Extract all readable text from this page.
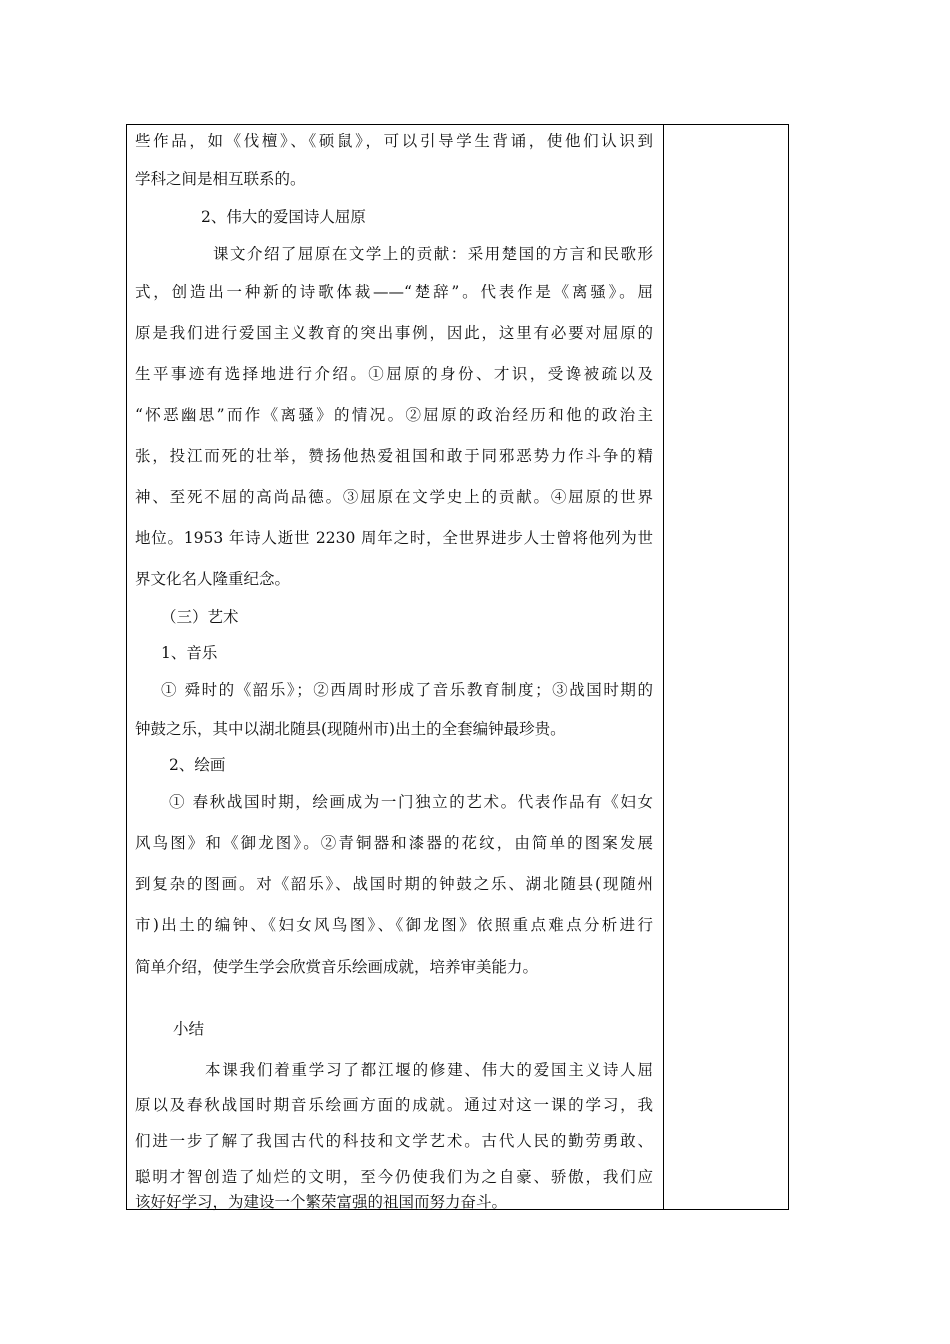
些作品，如《伐檀》、《硕鼠》，可以引导学生背诵，使他们认识到
学科之间是相互联系的。
2、伟大的爱国诗人屈原
课文介绍了屈原在文学上的贡献：采用楚国的方言和民歌形
式，创造出一种新的诗歌体裁——“楚辞”。代表作是《离骚》。屈
原是我们进行爱国主义教育的突出事例，因此，这里有必要对屈原的
生平事迹有选择地进行介绍。①屈原的身份、才识，受谗被疏以及
“怀恶幽思”而作《离骚》的情况。②屈原的政治经历和他的政治主
张，投江而死的壮举，赞扬他热爱祖国和敢于同邪恶势力作斗争的精
神、至死不屈的高尚品德。③屈原在文学史上的贡献。④屈原的世界
地位。1953 年诗人逝世 2230 周年之时，全世界进步人士曾将他列为世
界文化名人隆重纪念。
（三）艺术
1、音乐
① 舜时的《韶乐》；②西周时形成了音乐教育制度；③战国时期的
钟鼓之乐，其中以湖北随县(现随州市)出土的全套编钟最珍贵。
2、绘画
① 春秋战国时期，绘画成为一门独立的艺术。代表作品有《妇女
风鸟图》和《御龙图》。②青铜器和漆器的花纹，由简单的图案发展
到复杂的图画。对《韶乐》、战国时期的钟鼓之乐、湖北随县(现随州
市)出土的编钟、《妇女风鸟图》、《御龙图》依照重点难点分析进行
简单介绍，使学生学会欣赏音乐绘画成就，培养审美能力。
小结
本课我们着重学习了都江堰的修建、伟大的爱国主义诗人屈
原以及春秋战国时期音乐绘画方面的成就。通过对这一课的学习，我
们进一步了解了我国古代的科技和文学艺术。古代人民的勤劳勇敢、
聪明才智创造了灿烂的文明，至今仍使我们为之自豪、骄傲，我们应
该好好学习，为建设一个繁荣富强的祖国而努力奋斗。
